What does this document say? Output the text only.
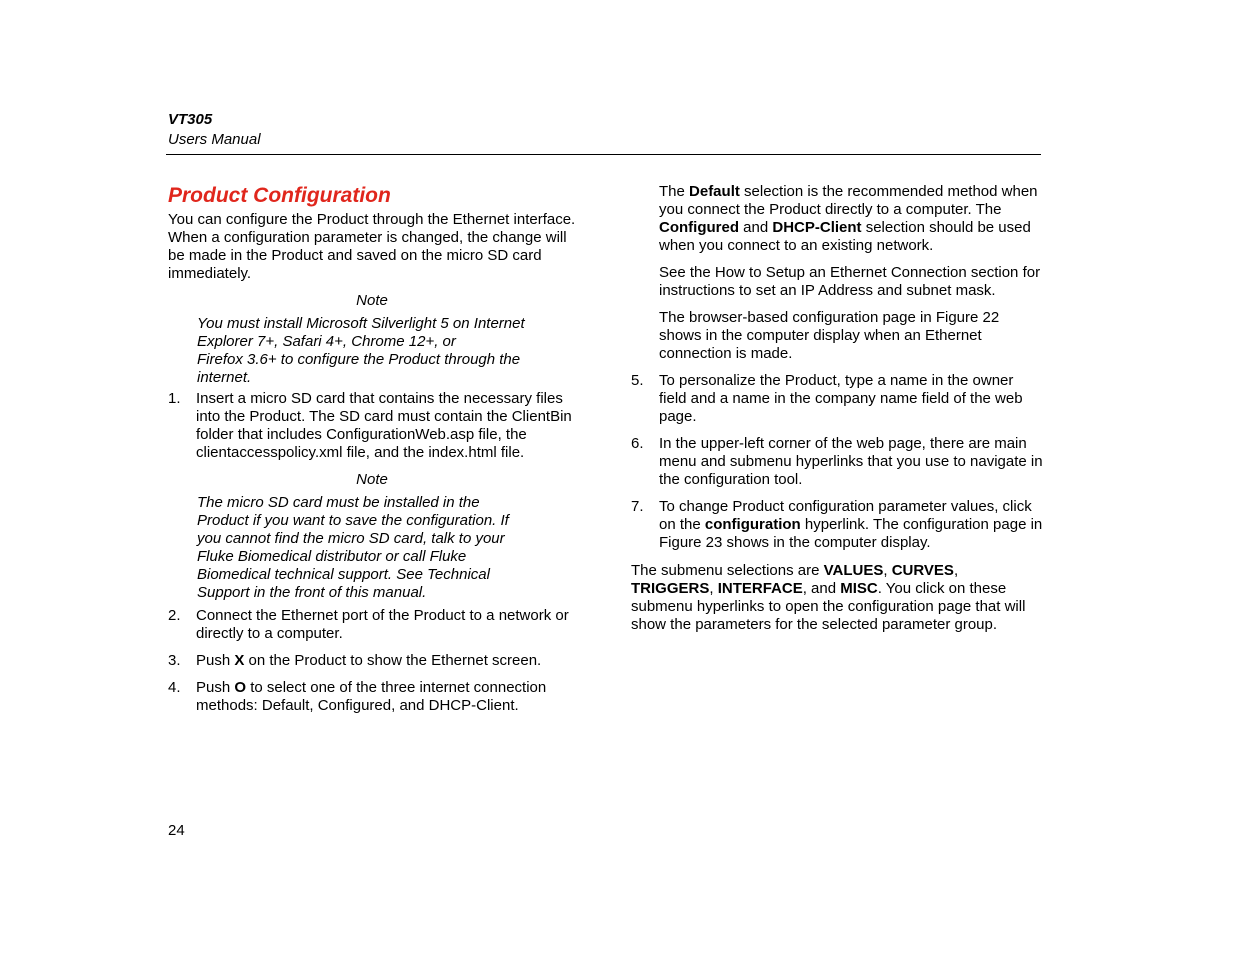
VT305
Users Manual
Product Configuration

You can configure the Product through the Ethernet interface. When a configuration parameter is changed, the change will be made in the Product and saved on the micro SD card immediately.

Note

You must install Microsoft Silverlight 5 on Internet
Explorer 7+, Safari 4+, Chrome 12+, or
Firefox 3.6+ to configure the Product through the internet.

1.	Insert a micro SD card that contains the necessary files into the Product. The SD card must contain the ClientBin folder that includes ConfigurationWeb.asp file, the clientaccesspolicy.xml file, and the index.html file.

Note

The micro SD card must be installed in the Product if you want to save the configuration. If you cannot find the micro SD card, talk to your Fluke Biomedical distributor or call Fluke Biomedical technical support. See Technical Support in the front of this manual.

2.	Connect the Ethernet port of the Product to a network or directly to a computer.
3.	Push X on the Product to show the Ethernet screen.
4.	Push O to select one of the three internet connection methods: Default, Configured, and DHCP-Client.

The Default selection is the recommended method when you connect the Product directly to a computer. The Configured and DHCP-Client selection should be used when you connect to an existing network.

See the How to Setup an Ethernet Connection section for instructions to set an IP Address and subnet mask.

The browser-based configuration page in Figure 22 shows in the computer display when an Ethernet connection is made.

5.	To personalize the Product, type a name in the owner field and a name in the company name field of the web page.
6.	In the upper-left corner of the web page, there are main menu and submenu hyperlinks that you use to navigate in the configuration tool.
7.	To change Product configuration parameter values, click on the configuration hyperlink. The configuration page in Figure 23 shows in the computer display.

The submenu selections are VALUES, CURVES, TRIGGERS, INTERFACE, and MISC. You click on these submenu hyperlinks to open the configuration page that will show the parameters for the selected parameter group.

24
